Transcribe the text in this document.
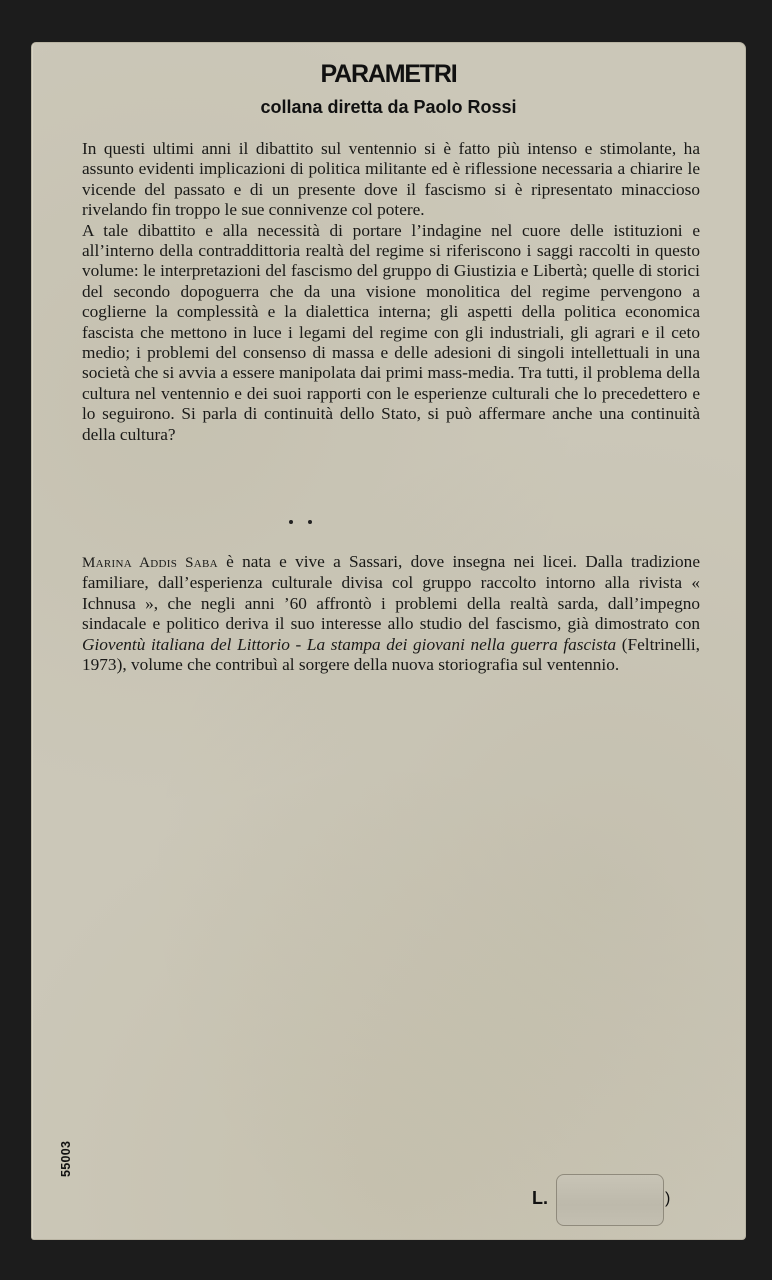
PARAMETRI
collana diretta da Paolo Rossi

In questi ultimi anni il dibattito sul ventennio si è fatto più intenso e stimolante, ha assunto evidenti implicazioni di politica militante ed è riflessione necessaria a chiarire le vicende del passato e di un presente dove il fascismo si è ripresentato minaccioso rivelando fin troppo le sue connivenze col potere.

A tale dibattito e alla necessità di portare l’indagine nel cuore delle istituzioni e all’interno della contraddittoria realtà del regime si riferiscono i saggi raccolti in questo volume: le interpretazioni del fascismo del gruppo di Giustizia e Libertà; quelle di storici del secondo dopoguerra che da una visione monolitica del regime pervengono a coglierne la complessità e la dialettica interna; gli aspetti della politica economica fascista che mettono in luce i legami del regime con gli industriali, gli agrari e il ceto medio; i problemi del consenso di massa e delle adesioni di singoli intellettuali in una società che si avvia a essere manipolata dai primi mass-media. Tra tutti, il problema della cultura nel ventennio e dei suoi rapporti con le esperienze culturali che lo precedettero e lo seguirono. Si parla di continuità dello Stato, si può affermare anche una continuità della cultura?

Marina Addis Saba è nata e vive a Sassari, dove insegna nei licei. Dalla tradizione familiare, dall’esperienza culturale divisa col gruppo raccolto intorno alla rivista « Ichnusa », che negli anni ’60 affrontò i problemi della realtà sarda, dall’impegno sindacale e politico deriva il suo interesse allo studio del fascismo, già dimostrato con Gioventù italiana del Littorio - La stampa dei giovani nella guerra fascista (Feltrinelli, 1973), volume che contribuì al sorgere della nuova storiografia sul ventennio.

55003
L.	)
